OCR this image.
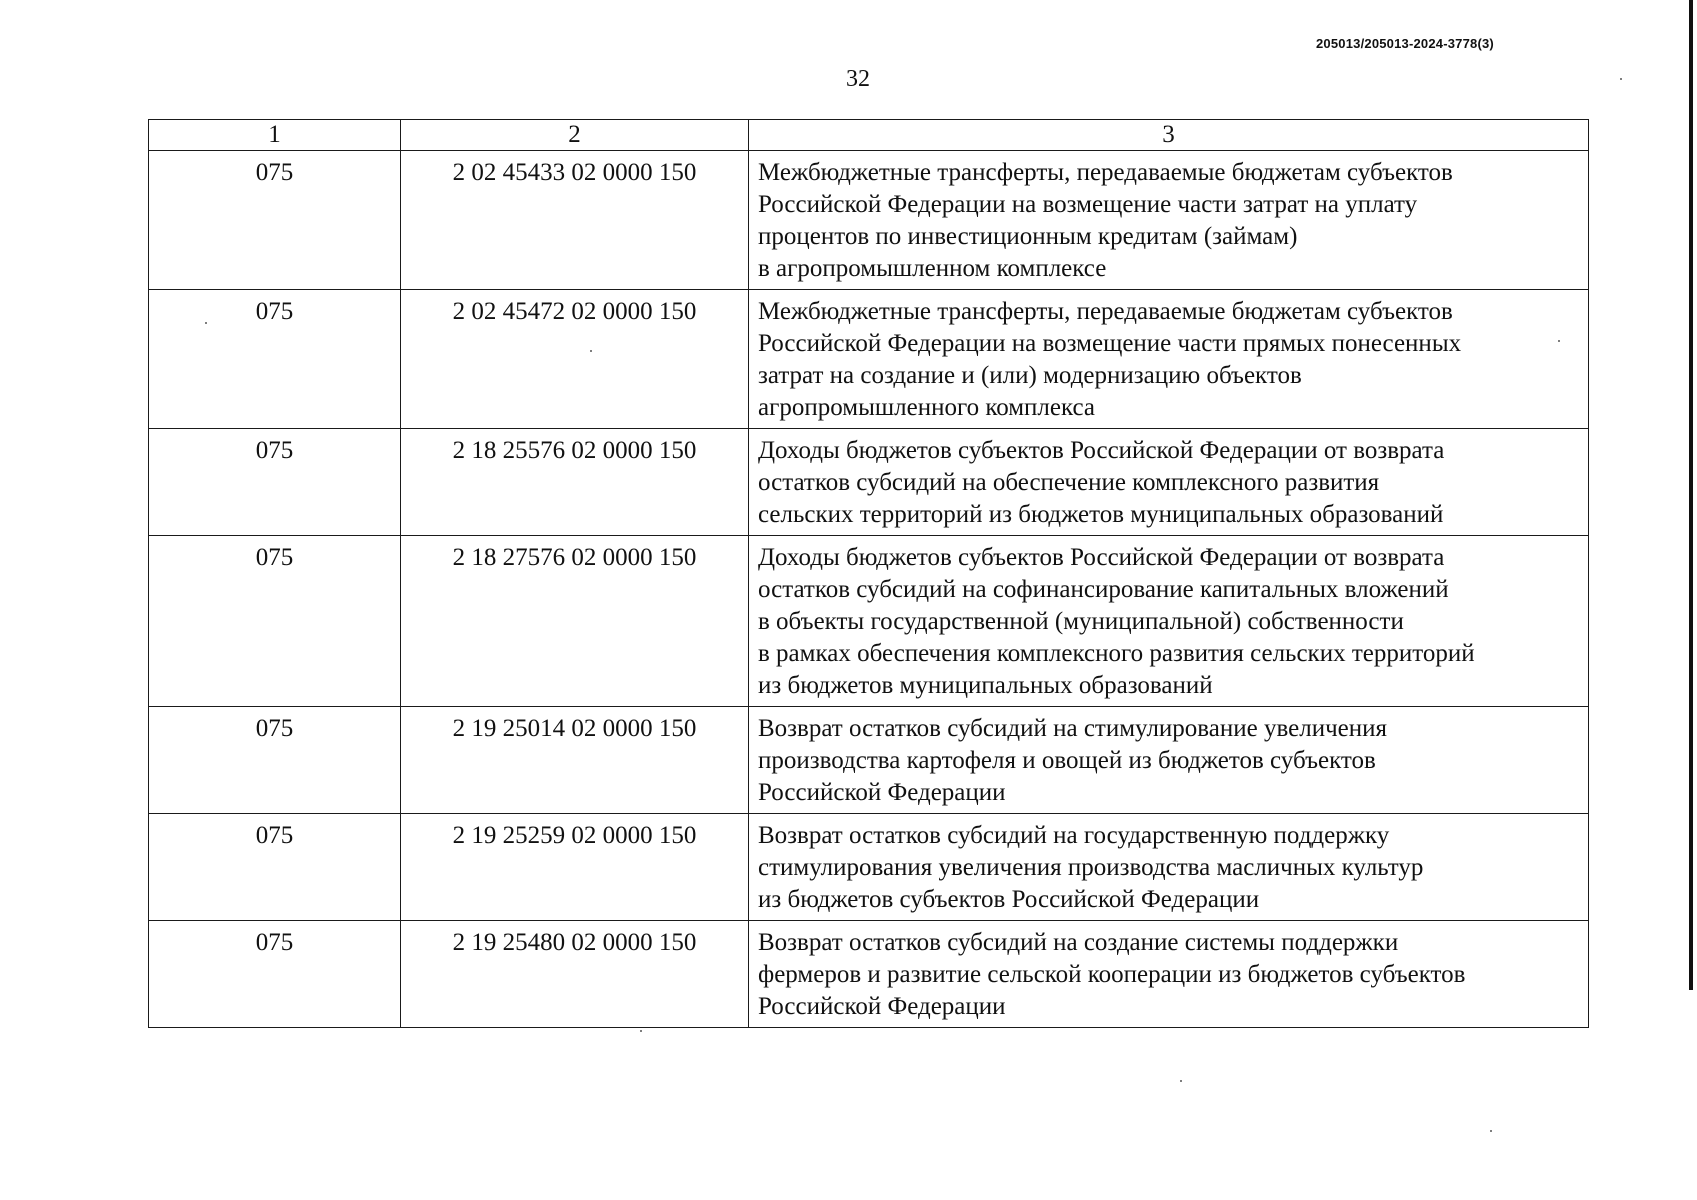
205013/205013-2024-3778(3)
32
1	2	3
075	2 02 45433 02 0000 150	Межбюджетные трансферты, передаваемые бюджетам субъектов
Российской Федерации на возмещение части затрат на уплату
процентов по инвестиционным кредитам (займам)
в агропромышленном комплексе

075	2 02 45472 02 0000 150	Межбюджетные трансферты, передаваемые бюджетам субъектов
Российской Федерации на возмещение части прямых понесенных
затрат на создание и (или) модернизацию объектов
агропромышленного комплекса

075	2 18 25576 02 0000 150	Доходы бюджетов субъектов Российской Федерации от возврата
остатков субсидий на обеспечение комплексного развития
сельских территорий из бюджетов муниципальных образований

075	2 18 27576 02 0000 150	Доходы бюджетов субъектов Российской Федерации от возврата
остатков субсидий на софинансирование капитальных вложений
в объекты государственной (муниципальной) собственности
в рамках обеспечения комплексного развития сельских территорий
из бюджетов муниципальных образований

075	2 19 25014 02 0000 150	Возврат остатков субсидий на стимулирование увеличения
производства картофеля и овощей из бюджетов субъектов
Российской Федерации

075	2 19 25259 02 0000 150	Возврат остатков субсидий на государственную поддержку
стимулирования увеличения производства масличных культур
из бюджетов субъектов Российской Федерации

075	2 19 25480 02 0000 150	Возврат остатков субсидий на создание системы поддержки
фермеров и развитие сельской кооперации из бюджетов субъектов
Российской Федерации
